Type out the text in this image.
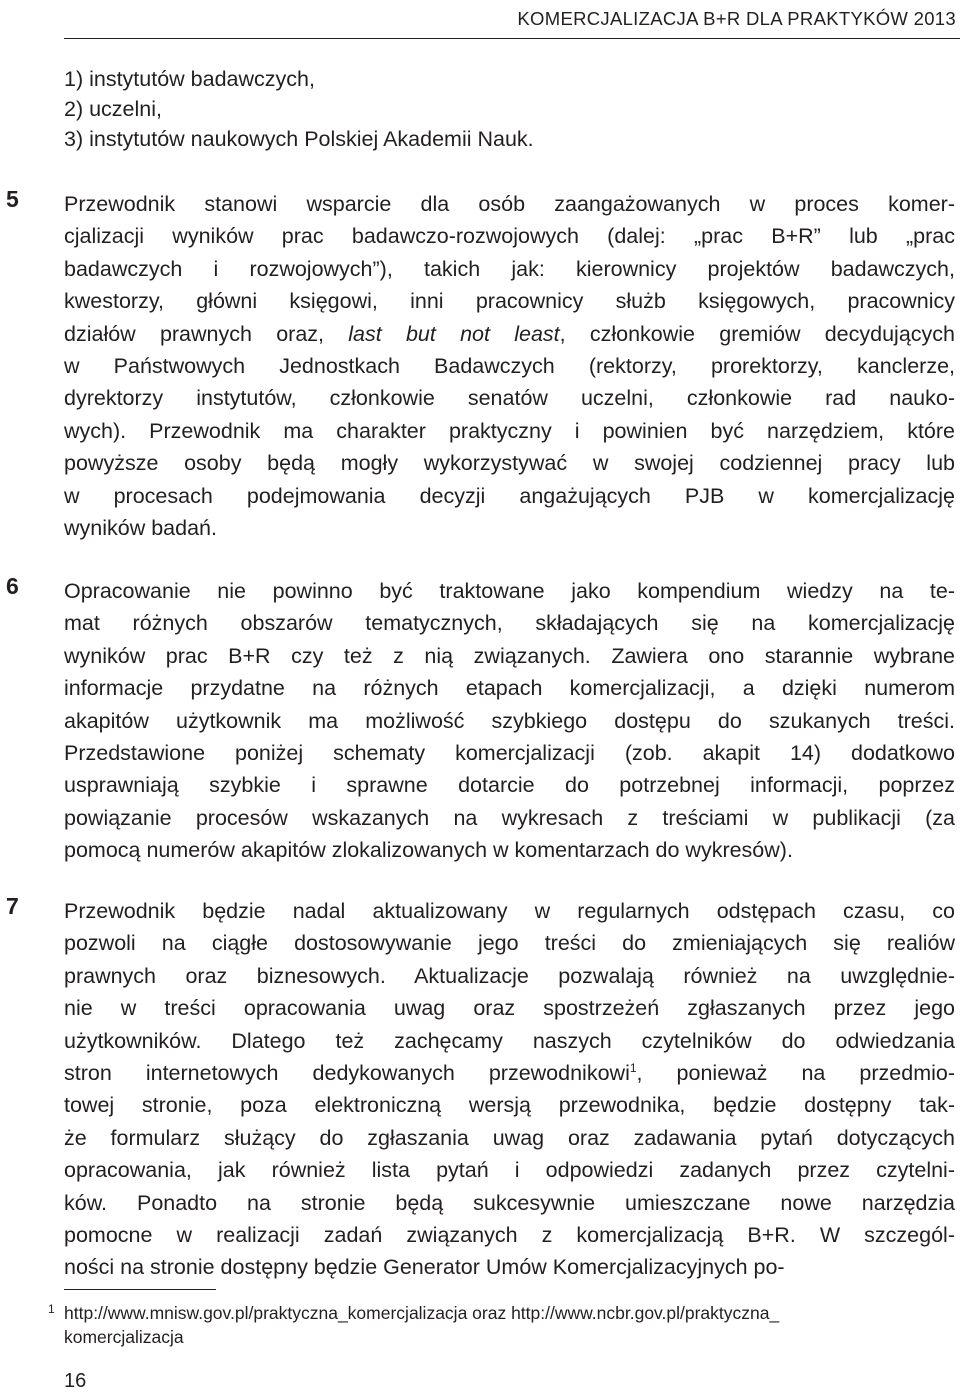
KOMERCJALIZACJA B+R DLA PRAKTYKÓW 2013
1) instytutów badawczych,
2) uczelni,
3) instytutów naukowych Polskiej Akademii Nauk.
5 Przewodnik stanowi wsparcie dla osób zaangażowanych w proces komer-
cjalizacji wyników prac badawczo-rozwojowych (dalej: „prac B+R” lub „prac
badawczych i rozwojowych”), takich jak: kierownicy projektów badawczych,
kwestorzy, główni księgowi, inni pracownicy służb księgowych, pracownicy
działów prawnych oraz, last but not least, członkowie gremiów decydujących
w Państwowych Jednostkach Badawczych (rektorzy, prorektorzy, kanclerze,
dyrektorzy instytutów, członkowie senatów uczelni, członkowie rad nauko-
wych). Przewodnik ma charakter praktyczny i powinien być narzędziem, które
powyższe osoby będą mogły wykorzystywać w swojej codziennej pracy lub
w procesach podejmowania decyzji angażujących PJB w komercjalizację
wyników badań.
6 Opracowanie nie powinno być traktowane jako kompendium wiedzy na te-
mat różnych obszarów tematycznych, składających się na komercjalizację
wyników prac B+R czy też z nią związanych. Zawiera ono starannie wybrane
informacje przydatne na różnych etapach komercjalizacji, a dzięki numerom
akapitów użytkownik ma możliwość szybkiego dostępu do szukanych treści.
Przedstawione poniżej schematy komercjalizacji (zob. akapit 14) dodatkowo
usprawniają szybkie i sprawne dotarcie do potrzebnej informacji, poprzez
powiązanie procesów wskazanych na wykresach z treściami w publikacji (za
pomocą numerów akapitów zlokalizowanych w komentarzach do wykresów).
7 Przewodnik będzie nadal aktualizowany w regularnych odstępach czasu, co
pozwoli na ciągłe dostosowywanie jego treści do zmieniających się realiów
prawnych oraz biznesowych. Aktualizacje pozwalają również na uwzględnie-
nie w treści opracowania uwag oraz spostrzeżeń zgłaszanych przez jego
użytkowników. Dlatego też zachęcamy naszych czytelników do odwiedzania
stron internetowych dedykowanych przewodnikowi$^1$, ponieważ na przedmio-
towej stronie, poza elektroniczną wersją przewodnika, będzie dostępny tak-
że formularz służący do zgłaszania uwag oraz zadawania pytań dotyczących
opracowania, jak również lista pytań i odpowiedzi zadanych przez czytelni-
ków. Ponadto na stronie będą sukcesywnie umieszczane nowe narzędzia
pomocne w realizacji zadań związanych z komercjalizacją B+R. W szczegól-
ności na stronie dostępny będzie Generator Umów Komercjalizacyjnych po-
1 http://www.mnisw.gov.pl/praktyczna_komercjalizacja oraz http://www.ncbr.gov.pl/praktyczna_
komercjalizacja
16
